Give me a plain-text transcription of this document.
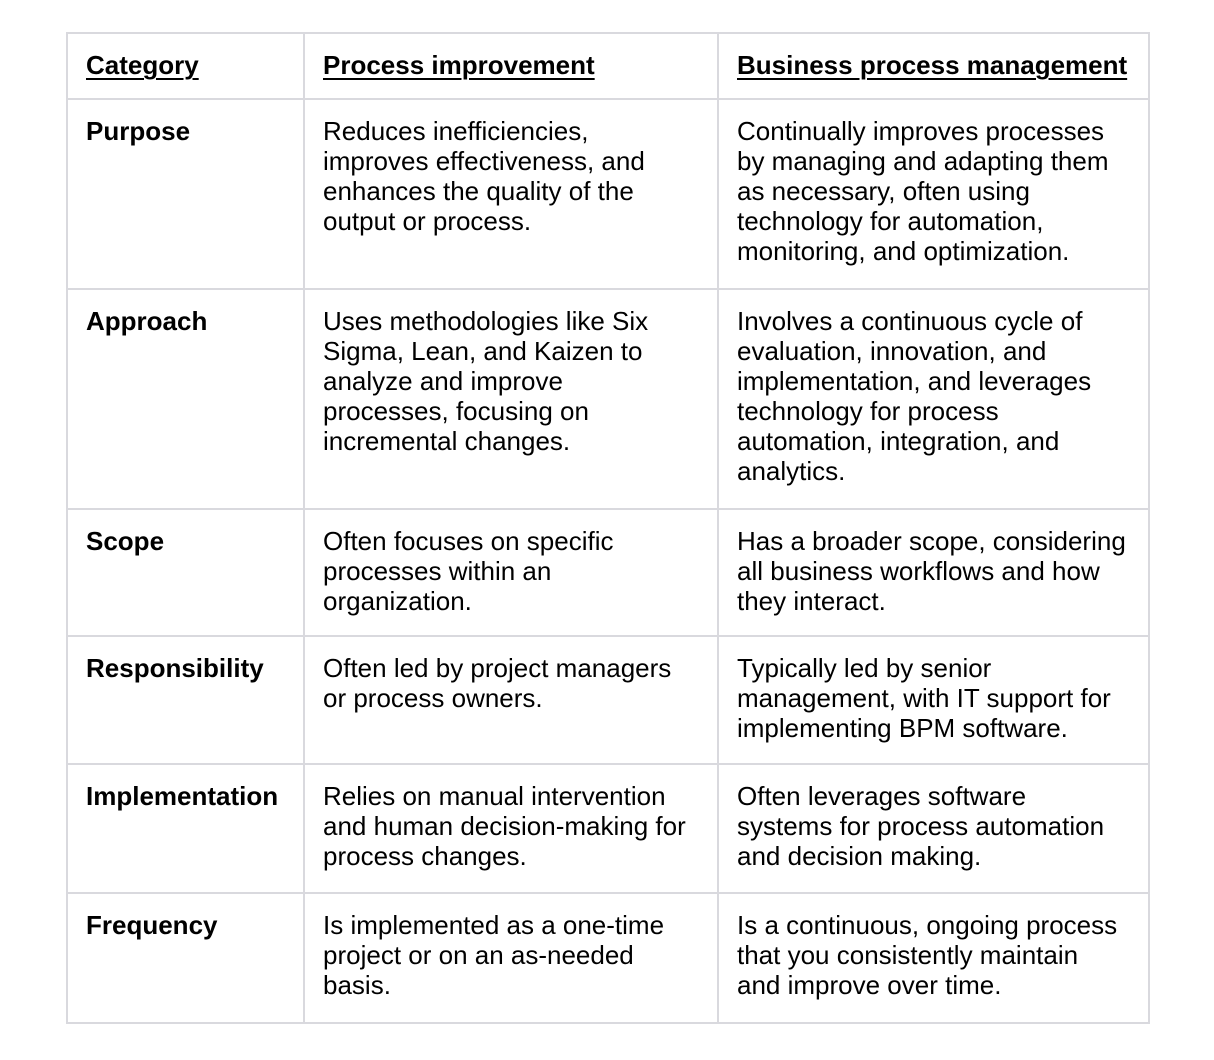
Category	Process improvement	Business process management
Purpose	Reduces inefficiencies, improves effectiveness, and enhances the quality of the output or process.	Continually improves processes by managing and adapting them as necessary, often using technology for automation, monitoring, and optimization.
Approach	Uses methodologies like Six Sigma, Lean, and Kaizen to analyze and improve processes, focusing on incremental changes.	Involves a continuous cycle of evaluation, innovation, and implementation, and leverages technology for process automation, integration, and analytics.
Scope	Often focuses on specific processes within an organization.	Has a broader scope, considering all business workflows and how they interact.
Responsibility	Often led by project managers or process owners.	Typically led by senior management, with IT support for implementing BPM software.
Implementation	Relies on manual intervention and human decision-making for process changes.	Often leverages software systems for process automation and decision making.
Frequency	Is implemented as a one-time project or on an as-needed basis.	Is a continuous, ongoing process that you consistently maintain and improve over time.
